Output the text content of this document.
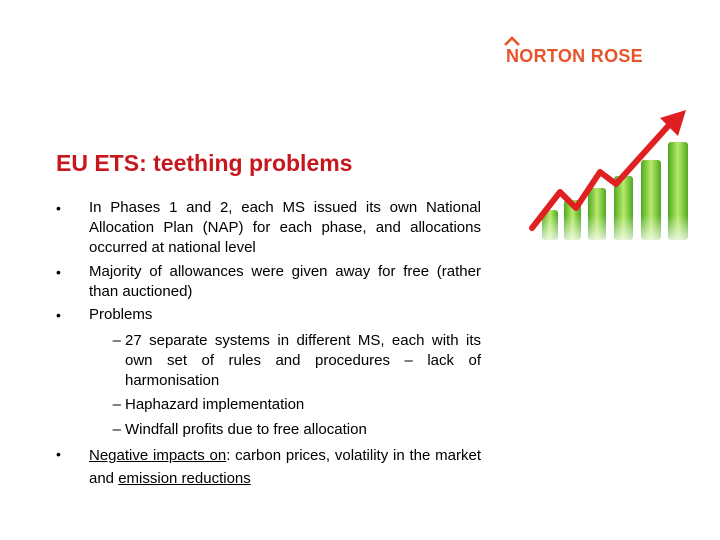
NORTON ROSE
EU ETS: teething problems
•	In Phases 1 and 2, each MS issued its own National Allocation Plan (NAP) for each phase, and allocations occurred at national level
•	Majority of allowances were given away for free (rather than auctioned)
•	Problems
– 27 separate systems in different MS, each with its own set of rules and procedures – lack of harmonisation
– Haphazard implementation
– Windfall profits due to free allocation
•	Negative impacts on: carbon prices, volatility in the market and emission reductions
